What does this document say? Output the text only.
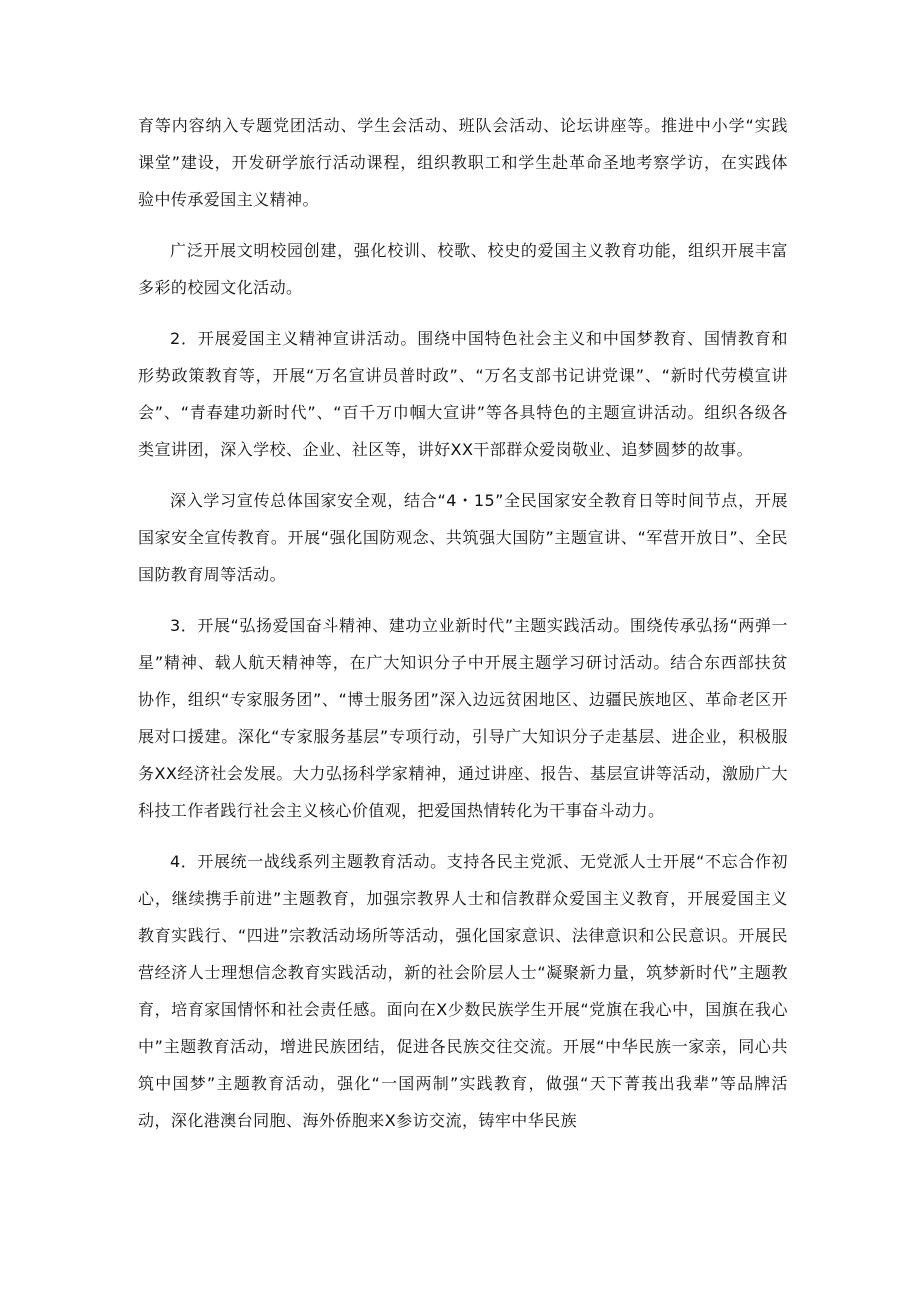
育等内容纳入专题党团活动、学生会活动、班队会活动、论坛讲座等。推进中小学“实践课堂”建设，开发研学旅行活动课程，组织教职工和学生赴革命圣地考察学访，在实践体验中传承爱国主义精神。

广泛开展文明校园创建，强化校训、校歌、校史的爱国主义教育功能，组织开展丰富多彩的校园文化活动。

2．开展爱国主义精神宣讲活动。围绕中国特色社会主义和中国梦教育、国情教育和形势政策教育等，开展“万名宣讲员普时政”、“万名支部书记讲党课”、“新时代劳模宣讲会”、“青春建功新时代”、“百千万巾帼大宣讲”等各具特色的主题宣讲活动。组织各级各类宣讲团，深入学校、企业、社区等，讲好XX干部群众爱岗敬业、追梦圆梦的故事。

深入学习宣传总体国家安全观，结合“4・15”全民国家安全教育日等时间节点，开展国家安全宣传教育。开展“强化国防观念、共筑强大国防”主题宣讲、“军营开放日”、全民国防教育周等活动。

3．开展“弘扬爱国奋斗精神、建功立业新时代”主题实践活动。围绕传承弘扬“两弹一星”精神、载人航天精神等，在广大知识分子中开展主题学习研讨活动。结合东西部扶贫协作，组织“专家服务团”、“博士服务团”深入边远贫困地区、边疆民族地区、革命老区开展对口援建。深化“专家服务基层”专项行动，引导广大知识分子走基层、进企业，积极服务XX经济社会发展。大力弘扬科学家精神，通过讲座、报告、基层宣讲等活动，激励广大科技工作者践行社会主义核心价值观，把爱国热情转化为干事奋斗动力。

4．开展统一战线系列主题教育活动。支持各民主党派、无党派人士开展“不忘合作初心，继续携手前进”主题教育，加强宗教界人士和信教群众爱国主义教育，开展爱国主义教育实践行、“四进”宗教活动场所等活动，强化国家意识、法律意识和公民意识。开展民营经济人士理想信念教育实践活动，新的社会阶层人士“凝聚新力量，筑梦新时代”主题教育，培育家国情怀和社会责任感。面向在X少数民族学生开展“党旗在我心中，国旗在我心中”主题教育活动，增进民族团结，促进各民族交往交流。开展“中华民族一家亲，同心共筑中国梦”主题教育活动，强化“一国两制”实践教育，做强“天下菁莪出我辈”等品牌活动，深化港澳台同胞、海外侨胞来X参访交流，铸牢中华民族
